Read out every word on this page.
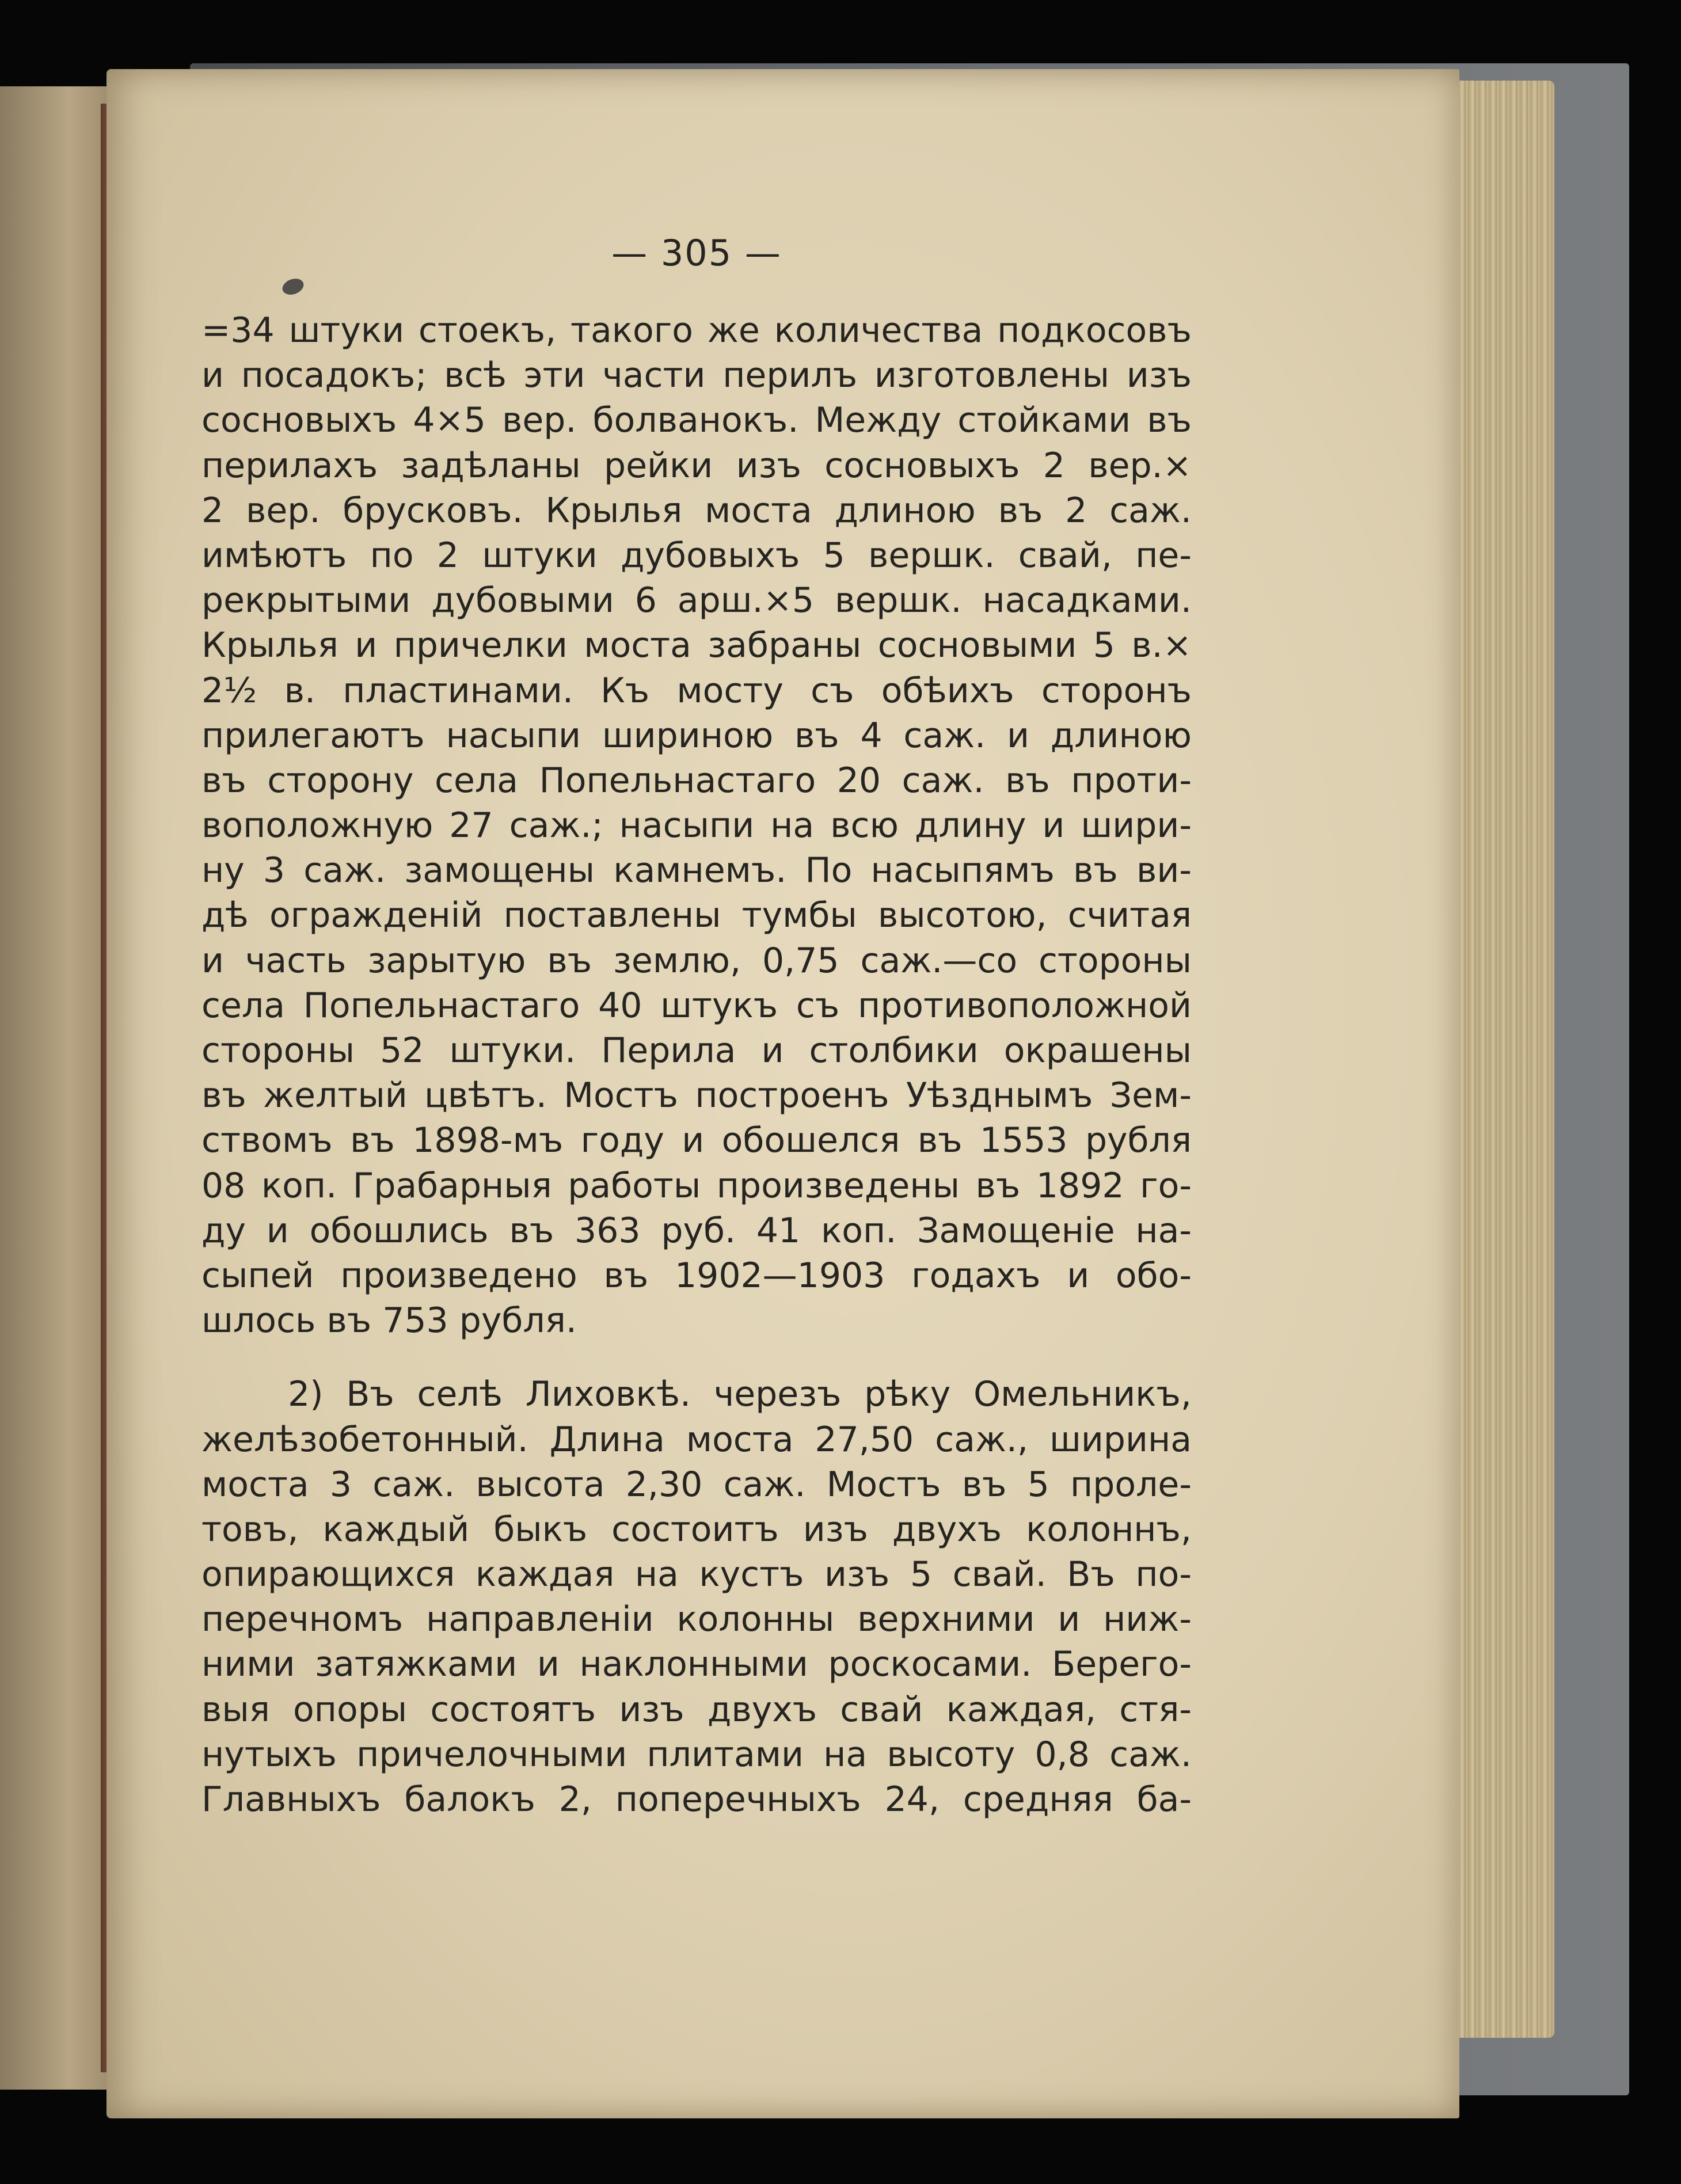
— 305 —
=34 штуки стоекъ, такого же количества подкосовъ
и посадокъ; всѣ эти части перилъ изготовлены изъ
сосновыхъ 4×5 вер. болванокъ. Между стойками въ
перилахъ задѣланы рейки изъ сосновыхъ 2 вер.×
2 вер. брусковъ. Крылья моста длиною въ 2 саж.
имѣютъ по 2 штуки дубовыхъ 5 вершк. свай, пе-
рекрытыми дубовыми 6 арш.×5 вершк. насадками.
Крылья и причелки моста забраны сосновыми 5 в.×
2½ в. пластинами. Къ мосту съ обѣихъ сторонъ
прилегаютъ насыпи шириною въ 4 саж. и длиною
въ сторону села Попельнастаго 20 саж. въ проти-
воположную 27 саж.; насыпи на всю длину и шири-
ну 3 саж. замощены камнемъ. По насыпямъ въ ви-
дѣ огражденій поставлены тумбы высотою, считая
и часть зарытую въ землю, 0,75 саж.—со стороны
села Попельнастаго 40 штукъ съ противоположной
стороны 52 штуки. Перила и столбики окрашены
въ желтый цвѣтъ. Мостъ построенъ Уѣзднымъ Зем-
ствомъ въ 1898-мъ году и обошелся въ 1553 рубля
08 коп. Грабарныя работы произведены въ 1892 го-
ду и обошлись въ 363 руб. 41 коп. Замощеніе на-
сыпей произведено въ 1902—1903 годахъ и обо-
шлось въ 753 рубля.
2) Въ селѣ Лиховкѣ. черезъ рѣку Омельникъ,
желѣзобетонный. Длина моста 27,50 саж., ширина
моста 3 саж. высота 2,30 саж. Мостъ въ 5 проле-
товъ, каждый быкъ состоитъ изъ двухъ колоннъ,
опирающихся каждая на кустъ изъ 5 свай. Въ по-
перечномъ направленіи колонны верхними и ниж-
ними затяжками и наклонными роскосами. Берего-
выя опоры состоятъ изъ двухъ свай каждая, стя-
нутыхъ причелочными плитами на высоту 0,8 саж.
Главныхъ балокъ 2, поперечныхъ 24, средняя ба-
